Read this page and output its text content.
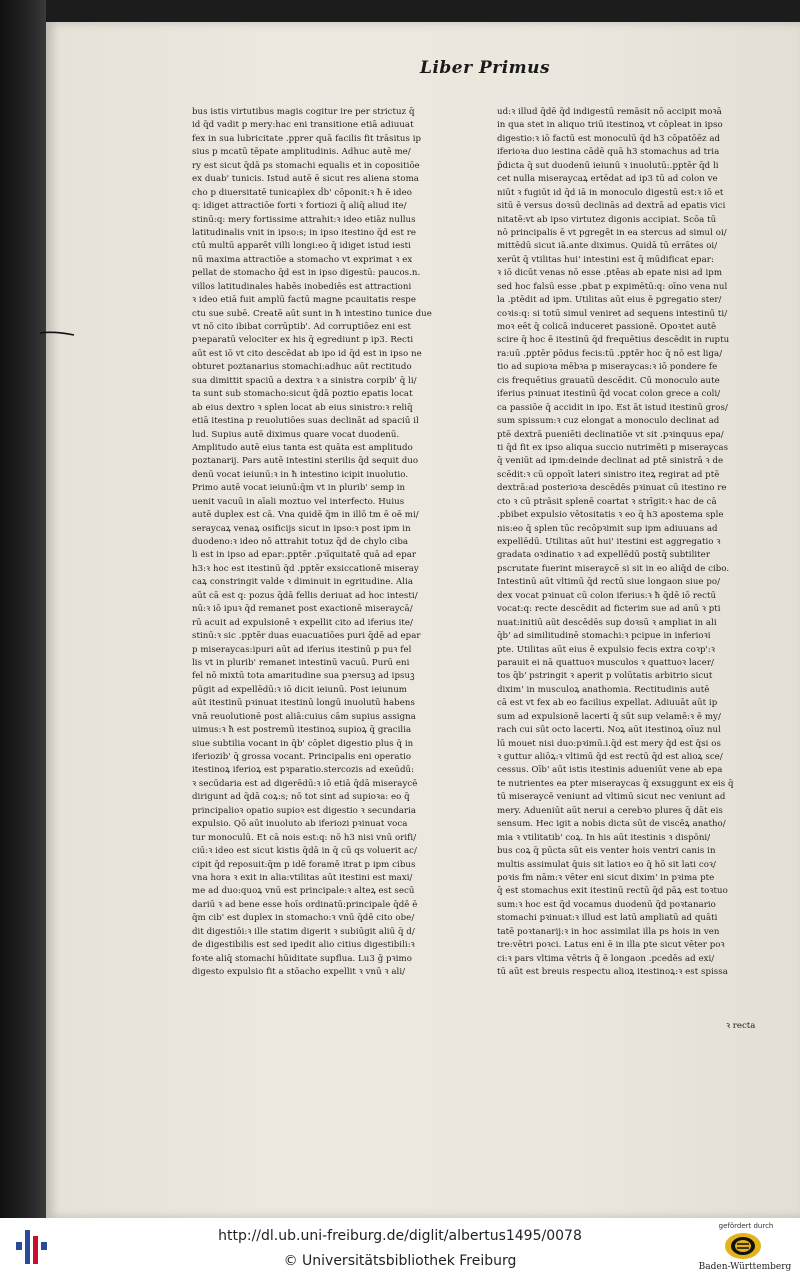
Liber Primus
bus istis virtutibus magis cogitur ire per strictuz q̄
id q̄d vadit p mery:hac eni transitione etiā adiuuat
fex in sua lubricitate .pprer quā facilis fit trāsitus ip
sius p mcatū tēpate amplitudinis. Adhuc autē me/
ry est sicut q̄dā ps stomachi equalis et in copositiōe
ex duab' tunicis. Istud autē ē sicut res aliena stoma
cho p diuersitatē tunicaṗlex ḋb' cōponit:ꝛ ħ ē ideo
q: idiget attractiōe forti ꝛ fortiozi q̄ aliq̄ aliud ite/
stinū:q: mery fortissime attrahit:ꝛ ideo etiāz nullus
latitudinalis vnit in ipso:s; in ipso itestino q̄d est re
ctū multū apparēt villi longi:eo q̄ idiget istud iesti
nū maxima attractiōe a stomacho vt exprimat ꝛ ex
pellat de stomacho q̄d est in ipso digestū: paucos.n.
villos latitudinales habēs inobediēs est attractioni
ꝛ ideo etiā fuit amplū factū magne pcauitatis respe
ctu sue subē. Creatē aūt sunt in ħ intestino tunice due
vt nō cito ibibat corrūptib'. Ad corruptiōez eni est
pꝛeparatū velociter ex his q̄ egrediunt p ip3. Recti
aūt est iō vt cito descēdat ab ipo id q̄d est in ipso ne
obturet poztanarius stomachi:adhuc aūt rectitudo
sua dimittit spaciū a dextra ꝛ a sinistra corpib' q̄ li/
ta sunt sub stomacho:sicut q̄dā poztio epatis locat
ab eius dextro ꝛ splen locat ab eius sinistro:ꝛ reliq̄
etiā itestina p reuolutiōes suas declināt ad spaciū il
lud. Supius autē diximus quare vocat duodenū.
Amplitudo autē eius tanta est quāta est amplitudo
poztanarij. Pars autē intestini sterilis q̄d sequit duo
denū vocat ieiunū:ꝛ in ħ intestino icipit inuolutio.
Primo autē vocat ieiunū:q̄m vt in plurib' semp in
uenit vacuū in aīali moztuo vel interfecto. Huius
autē duplex est cā. Vna quidē q̄m in illō tm ē oē mi/
seraycaꝝ venaꝝ osificijs sicut in ipso:ꝛ post ipm in
duodeno:ꝛ ideo nō attrahit totuz q̄d de chylo ciba
li est in ipso ad epar:.pptēr .pꝛīquitatē quā ad epar
h3:ꝛ hoc est itestinū q̄d .pptēr exsiccationē miseray
caꝝ constringit valde ꝛ diminuit in egritudine. Alia
aūt cā est q: pozus q̄dā fellis deriuat ad hoc intesti/
nū:ꝛ iō ipuꝛ q̄d remanet post exactionē miseraycā/
rū acuit ad expulsionē ꝛ expellit cito ad iferius ite/
stinū:ꝛ sic .pptēr duas euacuatiōes puri q̄dē ad epar
p miseraycas:ipuri aūt ad iferius itestinū p puꝛ fel
lis vt in plurib' remanet intestinū vacuū. Purū eni
fel nō mixtū tota amaritudine sua pꝛersuꝫ ad ipsuꝫ
pūgit ad expellēdū:ꝛ iō dicit ieiunū. Post ieiunum
aūt itestinū pꝛinuat itestinū longū inuolutū habens
vnā reuolutionē post aliā:cuius cām supius assigna
uimus:ꝛ ħ est postremū itestinoꝝ supioꝝ q̄ gracilia
siue subtilia vocant in q̄b' cōplet digestio plus q̄ in
iferiozib' q̄ grossa vocant. Principalis eni operatio
itestinoꝝ iferioꝝ est pꝛparatio.stercozis ad exeūdū:
ꝛ secūdaria est ad digerēdū:ꝛ iō etiā q̄dā miseraycē
dirigunt ad q̄dā coꝝ:s; nō tot sint ad supioꝛa: eo q̄
principalioꝛ opatio supioꝛ est digestio ꝛ secundaria
expulsio. Qō aūt inuoluto ab iferiozi pꝛinuat voca
tur monoculū. Et cā nois est:q: nō h3 nisi vnū orifi/
ciū:ꝛ ideo est sicut kistis q̄dā in q̄ cū qs voluerit ac/
cipit q̄d reposuit:q̄m p idē foramē itrat p ipm cibus
vna hora ꝛ exit in alia:vtilitas aūt itestini est maxi/
me ad duo:quoꝝ vnū est principale:ꝛ alteꝝ est secū
dariū ꝛ ad bene esse hoīs ordinatū:principale q̄dē ē
q̄m cib' est duplex in stomacho:ꝛ vnū q̄dē cito obe/
dit digestiōi:ꝛ ille statim digerit ꝛ subiūgit aliū q̄ d/
de digestibilis est sed ipedit alio citius digestibili:ꝛ
foꝛte aliq̄ stomachi hūiditate supflua. Lu3 ḡ pꝛimo
digesto expulsio fit a stōacho expellit ꝛ vnū ꝛ ali/
ud:ꝛ illud q̄dē q̄d indigestū remāsit nō accipit moꝛā
in qua stet in aliquo triū itestinoꝝ vt cōpleat in ipso
digestio:ꝛ iō factū est monoculū q̄d h3 cōpatōēz ad
iferioꝛa duo iestina cādē quā h3 stomachus ad tria
p̄dicta q̄ sut duodenū ieiunū ꝛ inuolutū:.pptēr q̄d li
cet nulla miseraycaꝝ ertēdat ad ip3 tū ad colon ve
niūt ꝛ fugiūt id q̄d iā in monoculo digestū est:ꝛ iō et
sitū ē versus doꝛsū declinās ad dextrā ad epatis vici
nitatē:vt ab ipso virtutez digonis accipiat. Scōa tū
nō principalis ē vt pgregēt in ea stercus ad simul oi/
mittēdū sicut iā.ante diximus. Quidā tū errātes oi/
xerūt q̄ vtilitas hui' intestini est q̄ mūdificat epar:
ꝛ iō dicūt venas nō esse .ptēas ab epate nisi ad ipm
sed hoc falsū esse .pbat p expimētū:q: oīno vena nul
la .ptēdit ad ipm. Utilitas aūt eius ē pgregatio ster/
coꝛis:q: si totū simul veniret ad sequens intestinū ti/
moꝛ eēt q̄ colicā induceret passionē. Opoꝛtet autē
scire q̄ hoc ē itestinū q̄d frequētius descēdit in ruptu
ra:uū .pptēr pōdus fecis:tū .pptēr hoc q̄ nō est liga/
tio ad supioꝛa mēbꝛa p miseraycas:ꝛ iō pondere fe
cis frequētius grauatū descēdit. Cū monoculo aute
iferius pꝛinuat itestinū q̄d vocat colon grece a coli/
ca passiōe q̄ accidit in ipo. Est āt istud itestinū gros/
sum spissum:ꝛ cuz elongat a monoculo declinat ad
ptē dextrā pueniēti declinatiōe vt sit .pꝛinquus epa/
ti q̄d fit ex ipso aliqua succio nutrimēti p miseraycas
q̄ veniūt ad ipm:deinde declinat ad ptē sinistrā ꝛ de
scēdit:ꝛ cū oppoīt lateri sinistro iteꝝ regirat ad ptē
dextrā:ad posterioꝛa descēdēs pꝛinuat cū itestino re
cto ꝛ cū ptrāsit splenē coartat ꝛ strīgit:ꝛ hac de cā
.pbibet expulsio vētositatis ꝛ eo q̄ h3 apostema sple
nis:eo q̄ splen tūc recōpꝛimit sup ipm adiuuans ad
expellēdū. Utilitas aūt hui' itestini est aggregatio ꝛ
gradata oꝛdinatio ꝛ ad expellēdū postq̄ subtiliter
pscrutate fuerint miseraycē si sit in eo aliq̄d de cibo.
Intestinū aūt vltimū q̄d rectū siue longaon siue po/
dex vocat pꝛinuat cū colon iferius:ꝛ ħ q̄dē iō rectū
vocat:q: recte descēdit ad ficterim sue ad anū ꝛ pti
nuat:initiū aūt descēdēs sup doꝛsū ꝛ ampliat in ali
q̄b' ad similitudinē stomachi:ꝛ pcipue in inferioꝛi
pte. Utilitas aūt eius ē expulsio fecis extra coꝛp':ꝛ
parauit ei nā quattuoꝛ musculos ꝛ quattuoꝛ lacer/
tos q̄b' pstringit ꝛ aperit p volūtatis arbitrio sicut
dixim' in musculoꝝ anathomia. Rectitudinis autē
cā est vt fex ab eo facilius expellat. Adiuuāt aūt ip
sum ad expulsionē lacerti q̄ sūt sup velamē:ꝛ ē my/
rach cui sūt octo lacerti. Noꝝ aūt itestinoꝝ oīuz nul
lū mouet nisi duo:pꝛimū.i.q̄d est mery q̄d est q̄si os
ꝛ guttur aliōꝝ:ꝛ vltimū q̄d est rectū q̄d est alioꝝ sce/
cessus. Oīb' aūt istis itestinis adueniūt vene ab epa
te nutrientes ea pter miseraycas q̄ exsuggunt ex eis q̄
tū miseraycē veniunt ad vltimū sicut nec veniunt ad
mery. Adueniūt aūt nerui a cerebꝛo plures q̄ dāt eis
sensum. Hec igit a nobis dicta sūt de viscēꝝ anatho/
mia ꝛ vtilitatib' coꝝ. In his aūt itestinis ꝛ dispōni/
bus coꝝ q̄ pūcta sūt eis venter hois ventri canis in
multis assimulat q̄uis sit latioꝛ eo q̄ hō sit lati coꝛ/
poꝛis fm nām:ꝛ vēter eni sicut dixim' in pꝛima pte
q̄ est stomachus exit itestinū rectū q̄d pāꝝ est toꝛtuo
sum:ꝛ hoc est q̄d vocamus duodenū q̄d poꝛtanario
stomachi pꝛinuat:ꝛ illud est latū ampliatū ad quāti
tatē poꝛtanarij:ꝛ in hoc assimilat illa ps hois in ven
tre:vētri poꝛci. Latus eni ē in illa pte sicut vēter poꝛ
ci:ꝛ pars vltima vētris q̄ ē longaon .pcedēs ad exi/
tū aūt est breuis respectu alioꝝ itestinoꝝ:ꝛ est spissa
ꝛ recta
http://dl.ub.uni-freiburg.de/diglit/albertus1495/0078
© Universitätsbibliothek Freiburg
gefördert durch
Baden-Württemberg
